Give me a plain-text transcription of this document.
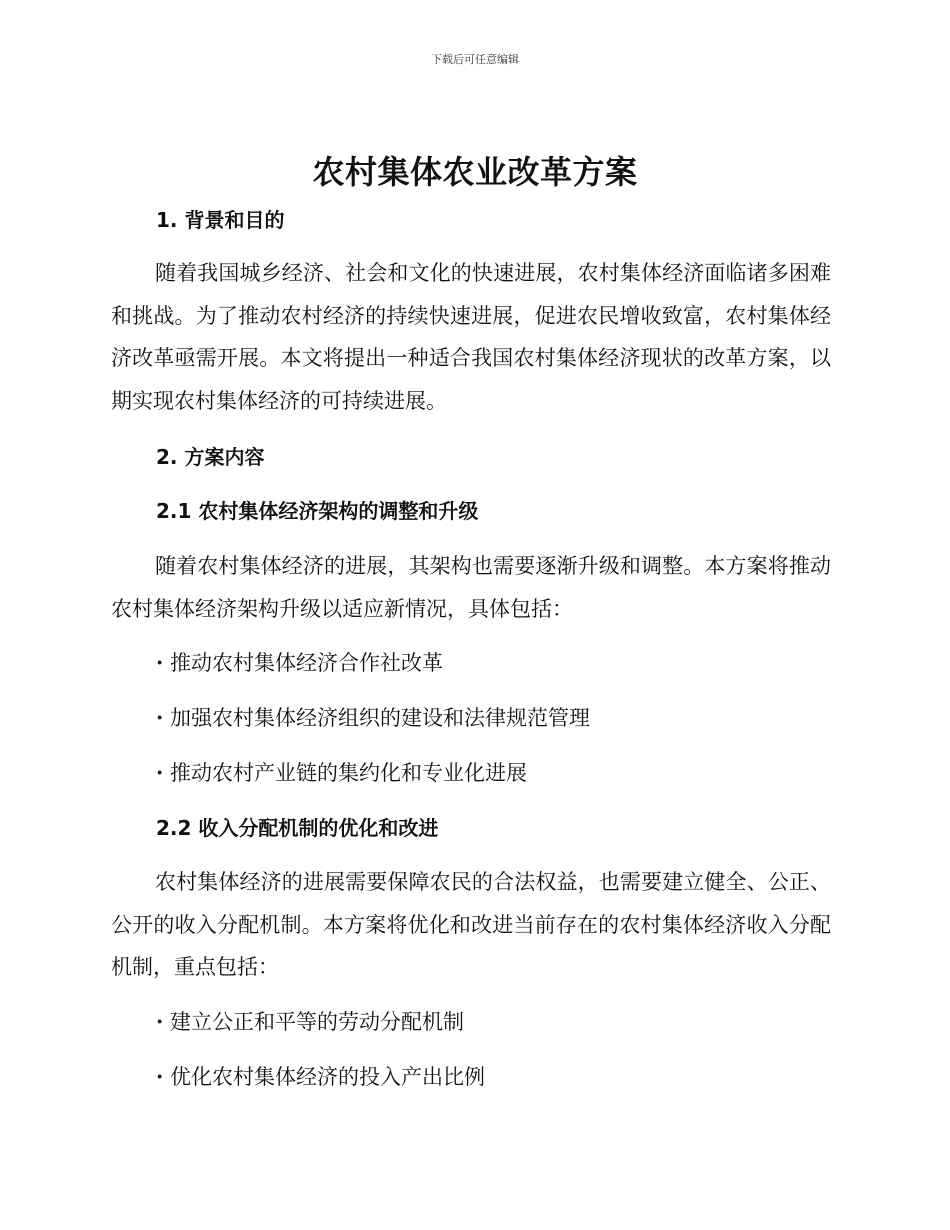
下载后可任意编辑
农村集体农业改革方案
1. 背景和目的

随着我国城乡经济、社会和文化的快速进展，农村集体经济面临诸多困难和挑战。为了推动农村经济的持续快速进展，促进农民增收致富，农村集体经济改革亟需开展。本文将提出一种适合我国农村集体经济现状的改革方案，以期实现农村集体经济的可持续进展。

2. 方案内容
2.1 农村集体经济架构的调整和升级

随着农村集体经济的进展，其架构也需要逐渐升级和调整。本方案将推动农村集体经济架构升级以适应新情况，具体包括：

· 推动农村集体经济合作社改革
· 加强农村集体经济组织的建设和法律规范管理
· 推动农村产业链的集约化和专业化进展
2.2 收入分配机制的优化和改进

农村集体经济的进展需要保障农民的合法权益，也需要建立健全、公正、公开的收入分配机制。本方案将优化和改进当前存在的农村集体经济收入分配机制，重点包括：

· 建立公正和平等的劳动分配机制
· 优化农村集体经济的投入产出比例
